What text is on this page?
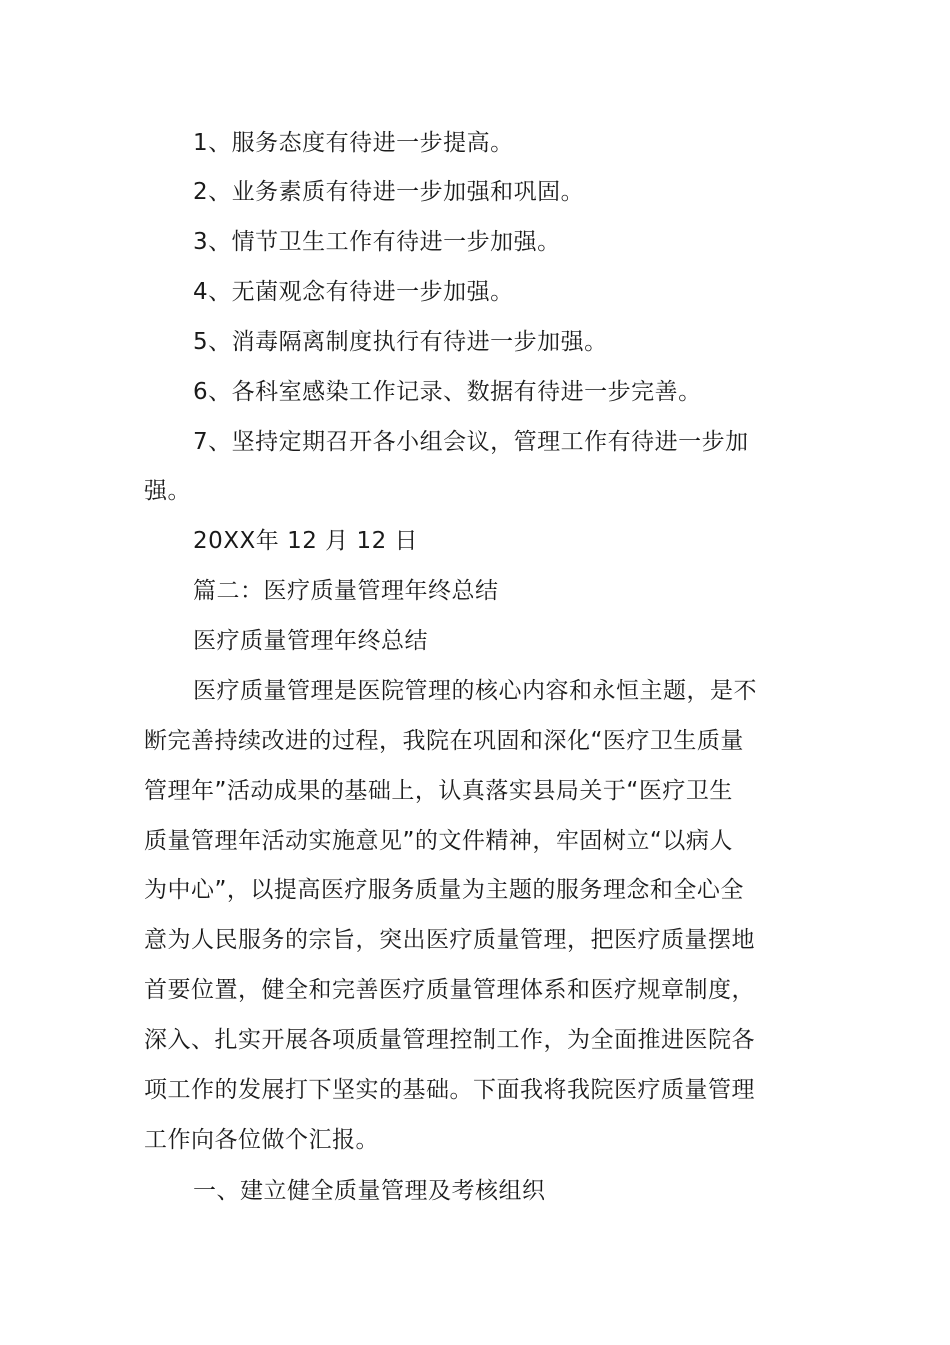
1、服务态度有待进一步提高。
2、业务素质有待进一步加强和巩固。
3、情节卫生工作有待进一步加强。
4、无菌观念有待进一步加强。
5、消毒隔离制度执行有待进一步加强。
6、各科室感染工作记录、数据有待进一步完善。
7、坚持定期召开各小组会议，管理工作有待进一步加
强。
20XX年 12 月 12 日
篇二：医疗质量管理年终总结
医疗质量管理年终总结
医疗质量管理是医院管理的核心内容和永恒主题，是不
断完善持续改进的过程，我院在巩固和深化“医疗卫生质量
管理年”活动成果的基础上，认真落实县局关于“医疗卫生
质量管理年活动实施意见”的文件精神，牢固树立“以病人
为中心”，以提高医疗服务质量为主题的服务理念和全心全
意为人民服务的宗旨，突出医疗质量管理，把医疗质量摆地
首要位置，健全和完善医疗质量管理体系和医疗规章制度，
深入、扎实开展各项质量管理控制工作，为全面推进医院各
项工作的发展打下坚实的基础。下面我将我院医疗质量管理
工作向各位做个汇报。
一、建立健全质量管理及考核组织
